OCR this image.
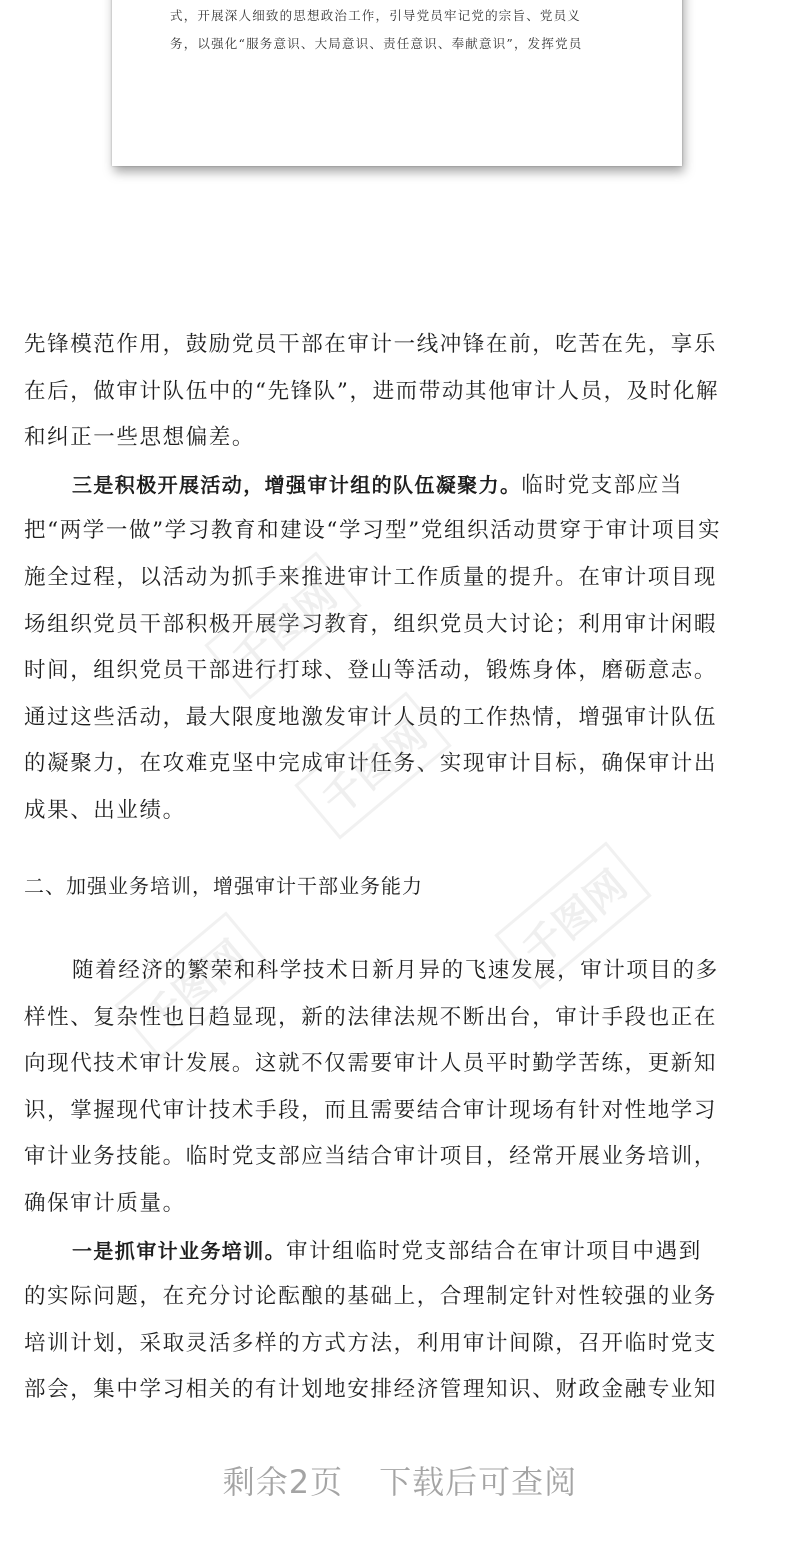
式，开展深人细致的思想政治工作，引导党员牢记党的宗旨、党员义
务，以强化“服务意识、大局意识、责任意识、奉献意识”，发挥党员
先锋模范作用，鼓励党员干部在审计一线冲锋在前，吃苦在先，享乐
在后，做审计队伍中的“先锋队”，进而带动其他审计人员，及时化解
和纠正一些思想偏差。
三是积极开展活动，增强审计组的队伍凝聚力。临时党支部应当
把“两学一做”学习教育和建设“学习型”党组织活动贯穿于审计项目实
施全过程，以活动为抓手来推进审计工作质量的提升。在审计项目现
场组织党员干部积极开展学习教育，组织党员大讨论；利用审计闲暇
时间，组织党员干部进行打球、登山等活动，锻炼身体，磨砺意志。
通过这些活动，最大限度地激发审计人员的工作热情，增强审计队伍
的凝聚力，在攻难克坚中完成审计任务、实现审计目标，确保审计出
成果、出业绩。
千图网
千图网
千图网
千图网
二、加强业务培训，增强审计干部业务能力
随着经济的繁荣和科学技术日新月异的飞速发展，审计项目的多
样性、复杂性也日趋显现，新的法律法规不断出台，审计手段也正在
向现代技术审计发展。这就不仅需要审计人员平时勤学苦练，更新知
识，掌握现代审计技术手段，而且需要结合审计现场有针对性地学习
审计业务技能。临时党支部应当结合审计项目，经常开展业务培训，
确保审计质量。
一是抓审计业务培训。审计组临时党支部结合在审计项目中遇到
的实际问题，在充分讨论酝酿的基础上，合理制定针对性较强的业务
培训计划，采取灵活多样的方式方法，利用审计间隙，召开临时党支
部会，集中学习相关的有计划地安排经济管理知识、财政金融专业知
剩余2页 下载后可查阅
